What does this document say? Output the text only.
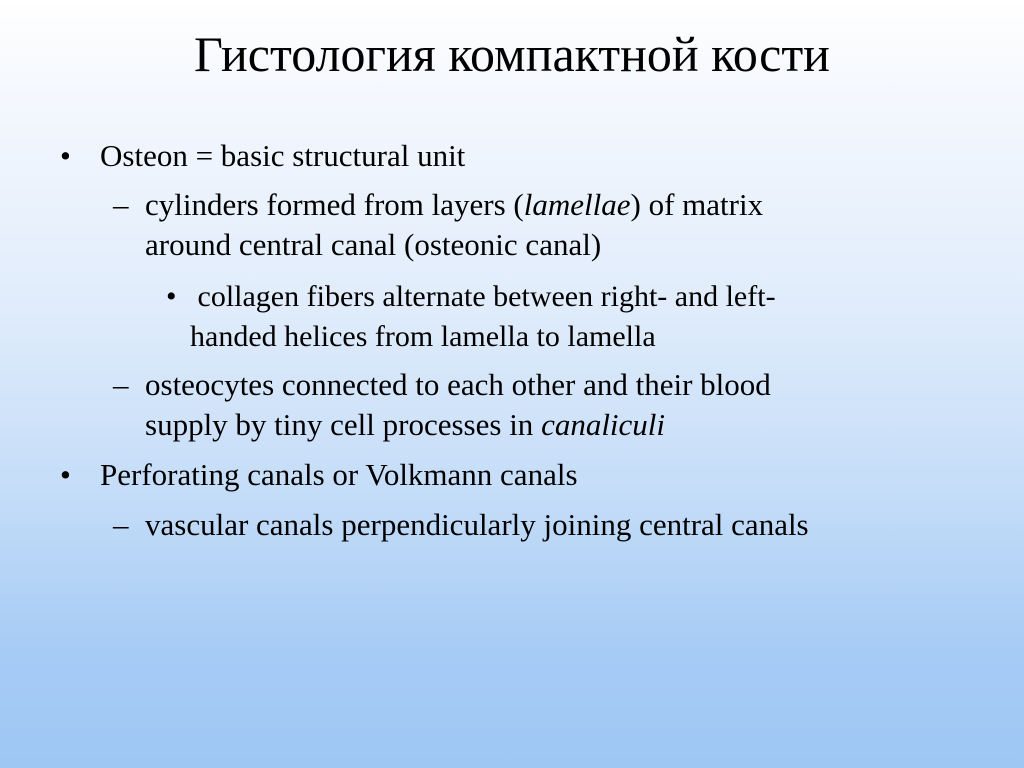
Гистология компактной кости
• Osteon = basic structural unit
– cylinders formed from layers (lamellae) of matrix
around central canal (osteonic canal)
• collagen fibers alternate between right- and left-
handed helices from lamella to lamella
– osteocytes connected to each other and their blood
supply by tiny cell processes in canaliculi
• Perforating canals or Volkmann canals
– vascular canals perpendicularly joining central canals
